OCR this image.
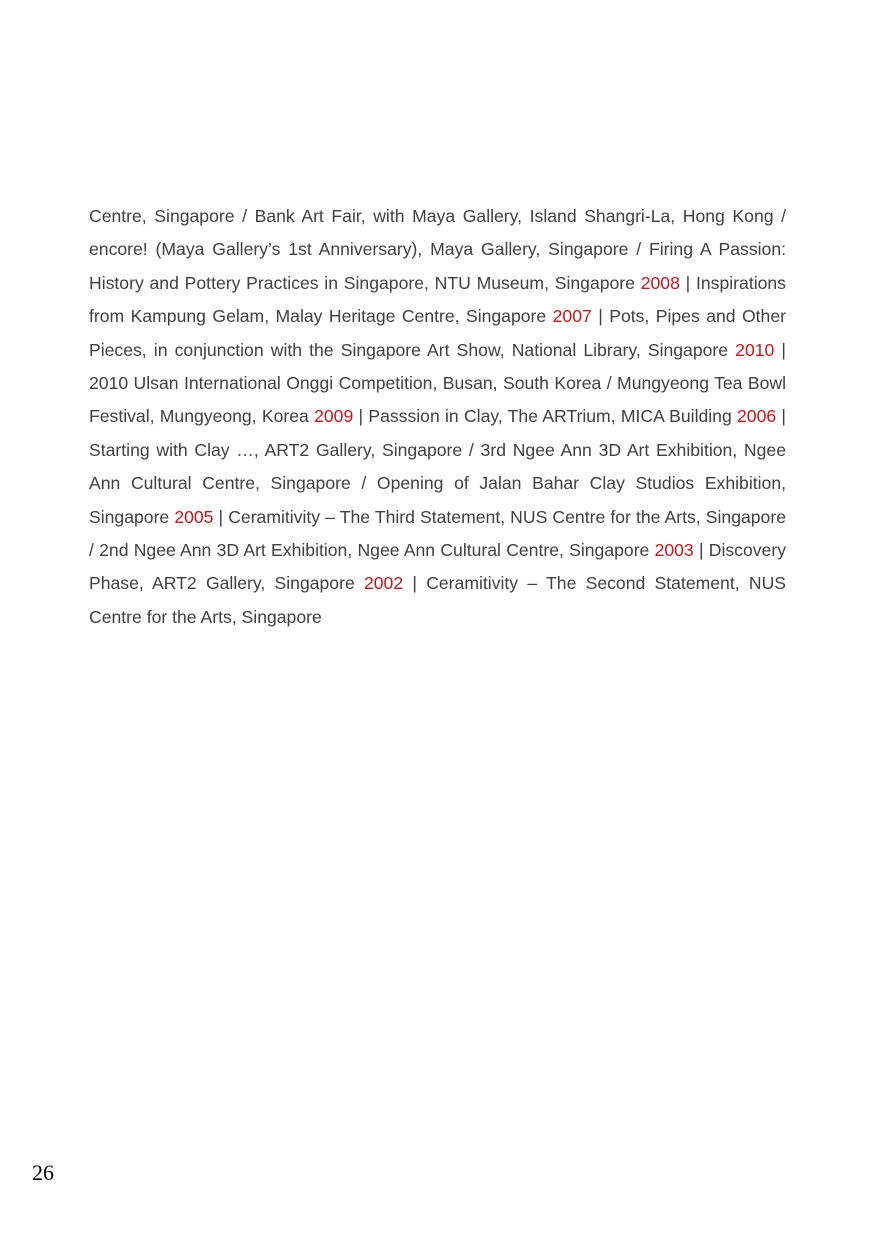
Centre, Singapore / Bank Art Fair, with Maya Gallery, Island Shangri-La, Hong Kong / encore! (Maya Gallery’s 1st Anniversary), Maya Gallery, Singapore / Firing A Passion: History and Pottery Practices in Singapore, NTU Museum, Singapore 2008 | Inspirations from Kampung Gelam, Malay Heritage Centre, Singapore 2007 | Pots, Pipes and Other Pieces, in conjunction with the Singapore Art Show, National Library, Singapore 2010 | 2010 Ulsan International Onggi Competition, Busan, South Korea / Mungyeong Tea Bowl Festival, Mungyeong, Korea 2009 | Passsion in Clay, The ARTrium, MICA Building 2006 | Starting with Clay …, ART2 Gallery, Singapore / 3rd Ngee Ann 3D Art Exhibition, Ngee Ann Cultural Centre, Singapore / Opening of Jalan Bahar Clay Studios Exhibition, Singapore 2005 | Ceramitivity – The Third Statement, NUS Centre for the Arts, Singapore / 2nd Ngee Ann 3D Art Exhibition, Ngee Ann Cultural Centre, Singapore 2003 | Discovery Phase, ART2 Gallery, Singapore 2002 | Ceramitivity – The Second Statement, NUS Centre for the Arts, Singapore

26
